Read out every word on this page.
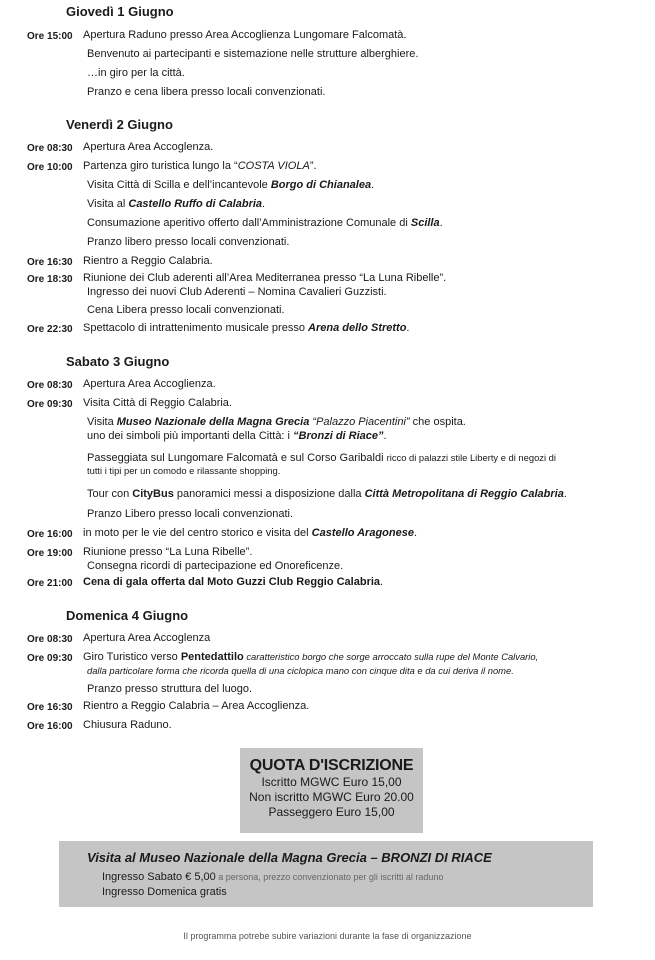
Giovedì 1 Giugno
Ore 15:00 Apertura Raduno presso Area Accoglienza Lungomare Falcomatà.
Benvenuto ai partecipanti e sistemazione nelle strutture alberghiere.
…in giro per la città.
Pranzo e cena libera presso locali convenzionati.
Venerdì 2 Giugno
Ore 08:30 Apertura Area Accoglenza.
Ore 10:00 Partenza giro turistica lungo la “COSTA VIOLA”.
Visita Città di Scilla e dell’incantevole Borgo di Chianalea.
Visita al Castello Ruffo di Calabria.
Consumazione aperitivo offerto dall’Amministrazione Comunale di Scilla.
Pranzo libero presso locali convenzionati.
Ore 16:30 Rientro a Reggio Calabria.
Ore 18:30 Riunione dei Club aderenti all’Area Mediterranea presso “La Luna Ribelle”.
Ingresso dei nuovi Club Aderenti – Nomina Cavalieri Guzzisti.
Cena Libera presso locali convenzionati.
Ore 22:30 Spettacolo di intrattenimento musicale presso Arena dello Stretto.
Sabato 3 Giugno
Ore 08:30 Apertura Area Accoglienza.
Ore 09:30 Visita Città di Reggio Calabria.
Visita Museo Nazionale della Magna Grecia “Palazzo Piacentini” che ospita.
uno dei simboli più importanti della Città: i “Bronzi di Riace”.
Passeggiata sul Lungomare Falcomatà e sul Corso Garibaldi ricco di palazzi stile Liberty e di negozi di
tutti i tipi per un comodo e rilassante shopping.
Tour con CityBus panoramici messi a disposizione dalla Città Metropolitana di Reggio Calabria.
Pranzo Libero presso locali convenzionati.
Ore 16:00 in moto per le vie del centro storico e visita del Castello Aragonese.
Ore 19:00 Riunione presso “La Luna Ribelle”.
Consegna ricordi di partecipazione ed Onoreficenze.
Ore 21:00 Cena di gala offerta dal Moto Guzzi Club Reggio Calabria.
Domenica 4 Giugno
Ore 08:30 Apertura Area Accoglenza
Ore 09:30 Giro Turistico verso Pentedattilo caratteristico borgo che sorge arroccato sulla rupe del Monte Calvario,
dalla particolare forma che ricorda quella di una ciclopica mano con cinque dita e da cui deriva il nome.
Pranzo presso struttura del luogo.
Ore 16:30 Rientro a Reggio Calabria – Area Accoglienza.
Ore 16:00 Chiusura Raduno.
QUOTA D'ISCRIZIONE
Iscritto MGWC Euro 15,00
Non iscritto MGWC Euro 20.00
Passeggero Euro 15,00
Visita al Museo Nazionale della Magna Grecia – BRONZI DI RIACE
Ingresso Sabato € 5,00 a persona, prezzo convenzionato per gli iscritti al raduno
Ingresso Domenica gratis
Il programma potrebe subire variazioni durante la fase di organizzazione
